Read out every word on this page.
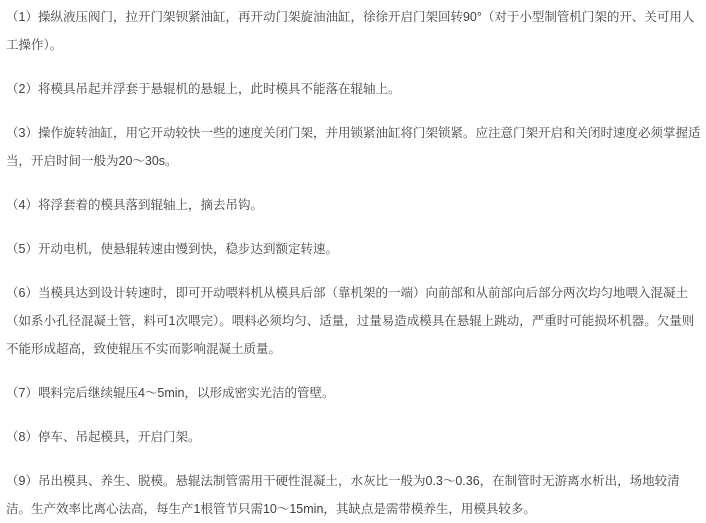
（1）操纵液压阀门，拉开门架钡紧油缸，再开动门架旋油油缸，徐徐开启门架回转90°（对于小型制管机门架的开、关可用人工操作）。

（2）将模具吊起并浮套于悬辊机的悬辊上，此时模具不能落在辊轴上。

（3）操作旋转油缸，用它开动较快一些的速度关闭门架，并用锁紧油缸将门架锁紧。应注意门架开启和关闭时速度必须掌握适当，开启时间一般为20～30s。

（4）将浮套着的模具落到辊轴上，摘去吊钩。

（5）开动电机，使悬辊转速由慢到快，稳步达到额定转速。

（6）当模具达到设计转速时，即可开动喂料机从模具后部（靠机架的一端）向前部和从前部向后部分两次均匀地喂入混凝土（如系小孔径混凝土管，料可1次喂完）。喂料必须均匀、适量，过量易造成模具在悬辊上跳动，严重时可能损坏机器。欠量则不能形成超高，致使辊压不实而影响混凝土质量。

（7）喂料完后继续辊压4～5min，以形成密实光洁的管壁。

（8）停车、吊起模具，开启门架。

（9）吊出模具、养生、脱模。悬辊法制管需用干硬性混凝土，水灰比一般为0.3～0.36，在制管时无游离水析出，场地较清洁。生产效率比离心法高，每生产1根管节只需10～15min，其缺点是需带模养生，用模具较多。
